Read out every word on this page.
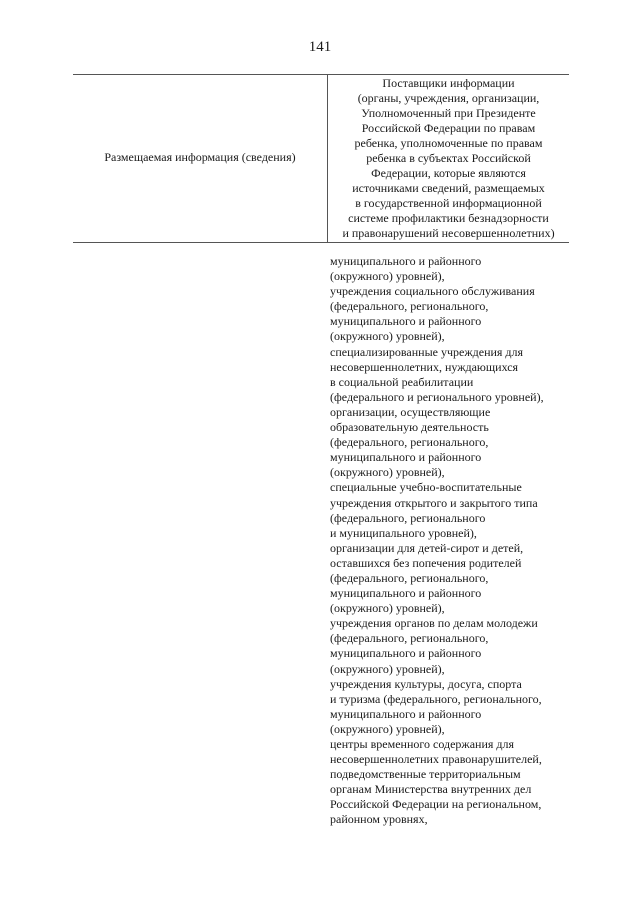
141
Размещаемая информация (сведения)
Поставщики информации
(органы, учреждения, организации,
Уполномоченный при Президенте
Российской Федерации по правам
ребенка, уполномоченные по правам
ребенка в субъектах Российской
Федерации, которые являются
источниками сведений, размещаемых
в государственной информационной
системе профилактики безнадзорности
и правонарушений несовершеннолетних)
муниципального и районного
(окружного) уровней),
учреждения социального обслуживания
(федерального, регионального,
муниципального и районного
(окружного) уровней),
специализированные учреждения для
несовершеннолетних, нуждающихся
в социальной реабилитации
(федерального и регионального уровней),
организации, осуществляющие
образовательную деятельность
(федерального, регионального,
муниципального и районного
(окружного) уровней),
специальные учебно-воспитательные
учреждения открытого и закрытого типа
(федерального, регионального
и муниципального уровней),
организации для детей-сирот и детей,
оставшихся без попечения родителей
(федерального, регионального,
муниципального и районного
(окружного) уровней),
учреждения органов по делам молодежи
(федерального, регионального,
муниципального и районного
(окружного) уровней),
учреждения культуры, досуга, спорта
и туризма (федерального, регионального,
муниципального и районного
(окружного) уровней),
центры временного содержания для
несовершеннолетних правонарушителей,
подведомственные территориальным
органам Министерства внутренних дел
Российской Федерации на региональном,
районном уровнях,
